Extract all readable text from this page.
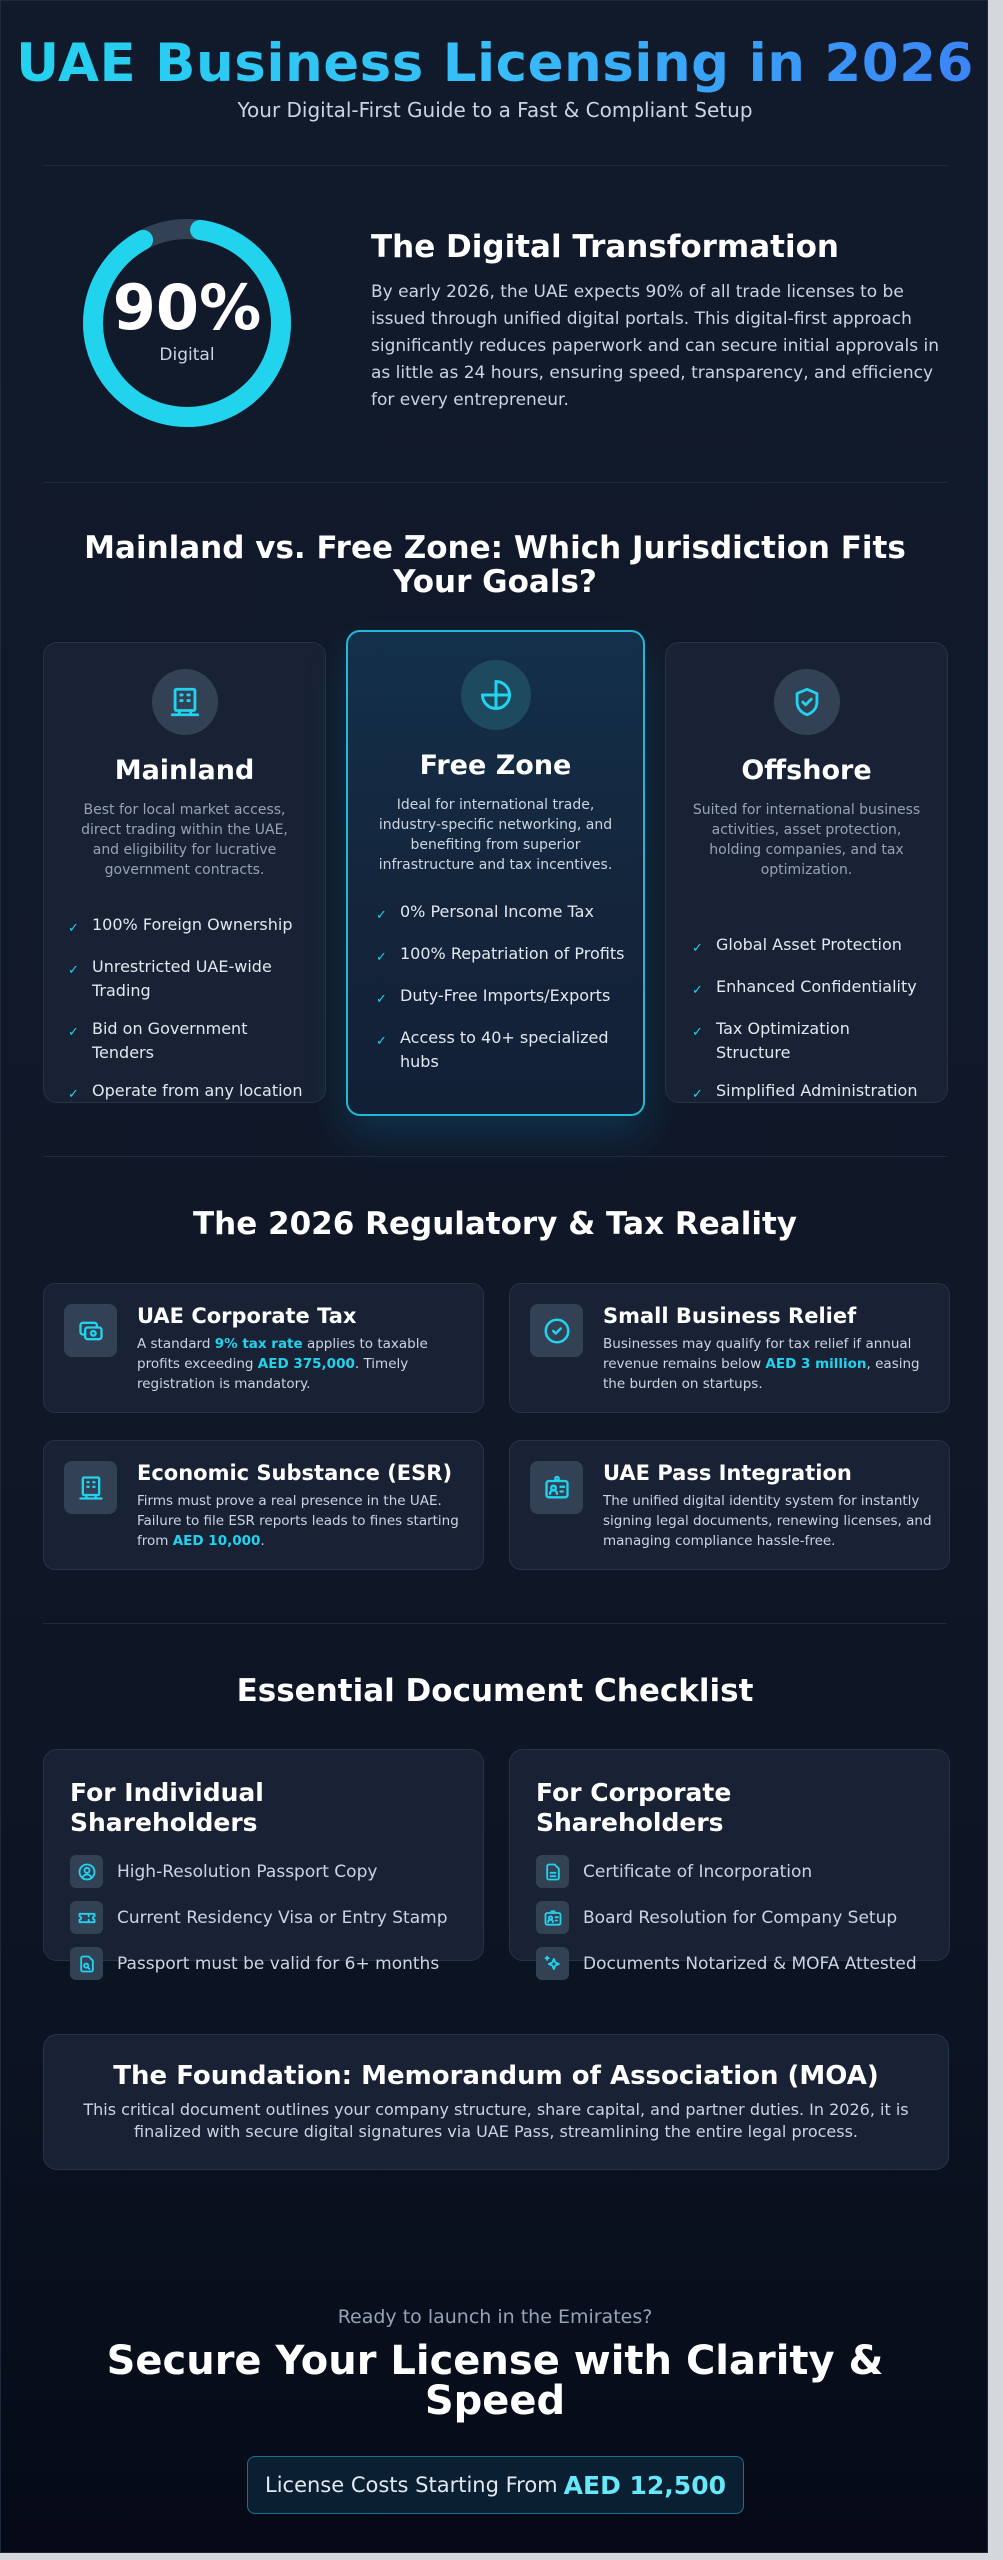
UAE Business Licensing in 2026
Your Digital-First Guide to a Fast & Compliant Setup
90%
Digital
The Digital Transformation

By early 2026, the UAE expects 90% of all trade licenses to be issued through unified digital portals. This digital-first approach significantly reduces paperwork and can secure initial approvals in as little as 24 hours, ensuring speed, transparency, and efficiency for every entrepreneur.

Mainland vs. Free Zone: Which Jurisdiction Fits Your Goals?
Mainland
Best for local market access, direct trading within the UAE, and eligibility for lucrative government contracts.
✓ 100% Foreign Ownership
✓ Unrestricted UAE-wide Trading
✓ Bid on Government Tenders
✓ Operate from any location
Free Zone
Ideal for international trade, industry-specific networking, and benefiting from superior infrastructure and tax incentives.
✓ 0% Personal Income Tax
✓ 100% Repatriation of Profits
✓ Duty-Free Imports/Exports
✓ Access to 40+ specialized hubs
Offshore
Suited for international business activities, asset protection, holding companies, and tax optimization.
✓ Global Asset Protection
✓ Enhanced Confidentiality
✓ Tax Optimization Structure
✓ Simplified Administration
The 2026 Regulatory & Tax Reality
UAE Corporate Tax
A standard 9% tax rate applies to taxable profits exceeding AED 375,000. Timely registration is mandatory.
Small Business Relief
Businesses may qualify for tax relief if annual revenue remains below AED 3 million, easing the burden on startups.
Economic Substance (ESR)
Firms must prove a real presence in the UAE. Failure to file ESR reports leads to fines starting from AED 10,000.
UAE Pass Integration
The unified digital identity system for instantly signing legal documents, renewing licenses, and managing compliance hassle-free.
Essential Document Checklist
For Individual Shareholders
High-Resolution Passport Copy
Current Residency Visa or Entry Stamp
Passport must be valid for 6+ months
For Corporate Shareholders
Certificate of Incorporation
Board Resolution for Company Setup
Documents Notarized & MOFA Attested
The Foundation: Memorandum of Association (MOA)
This critical document outlines your company structure, share capital, and partner duties. In 2026, it is finalized with secure digital signatures via UAE Pass, streamlining the entire legal process.
Ready to launch in the Emirates?
Secure Your License with Clarity & Speed
License Costs Starting From AED 12,500
